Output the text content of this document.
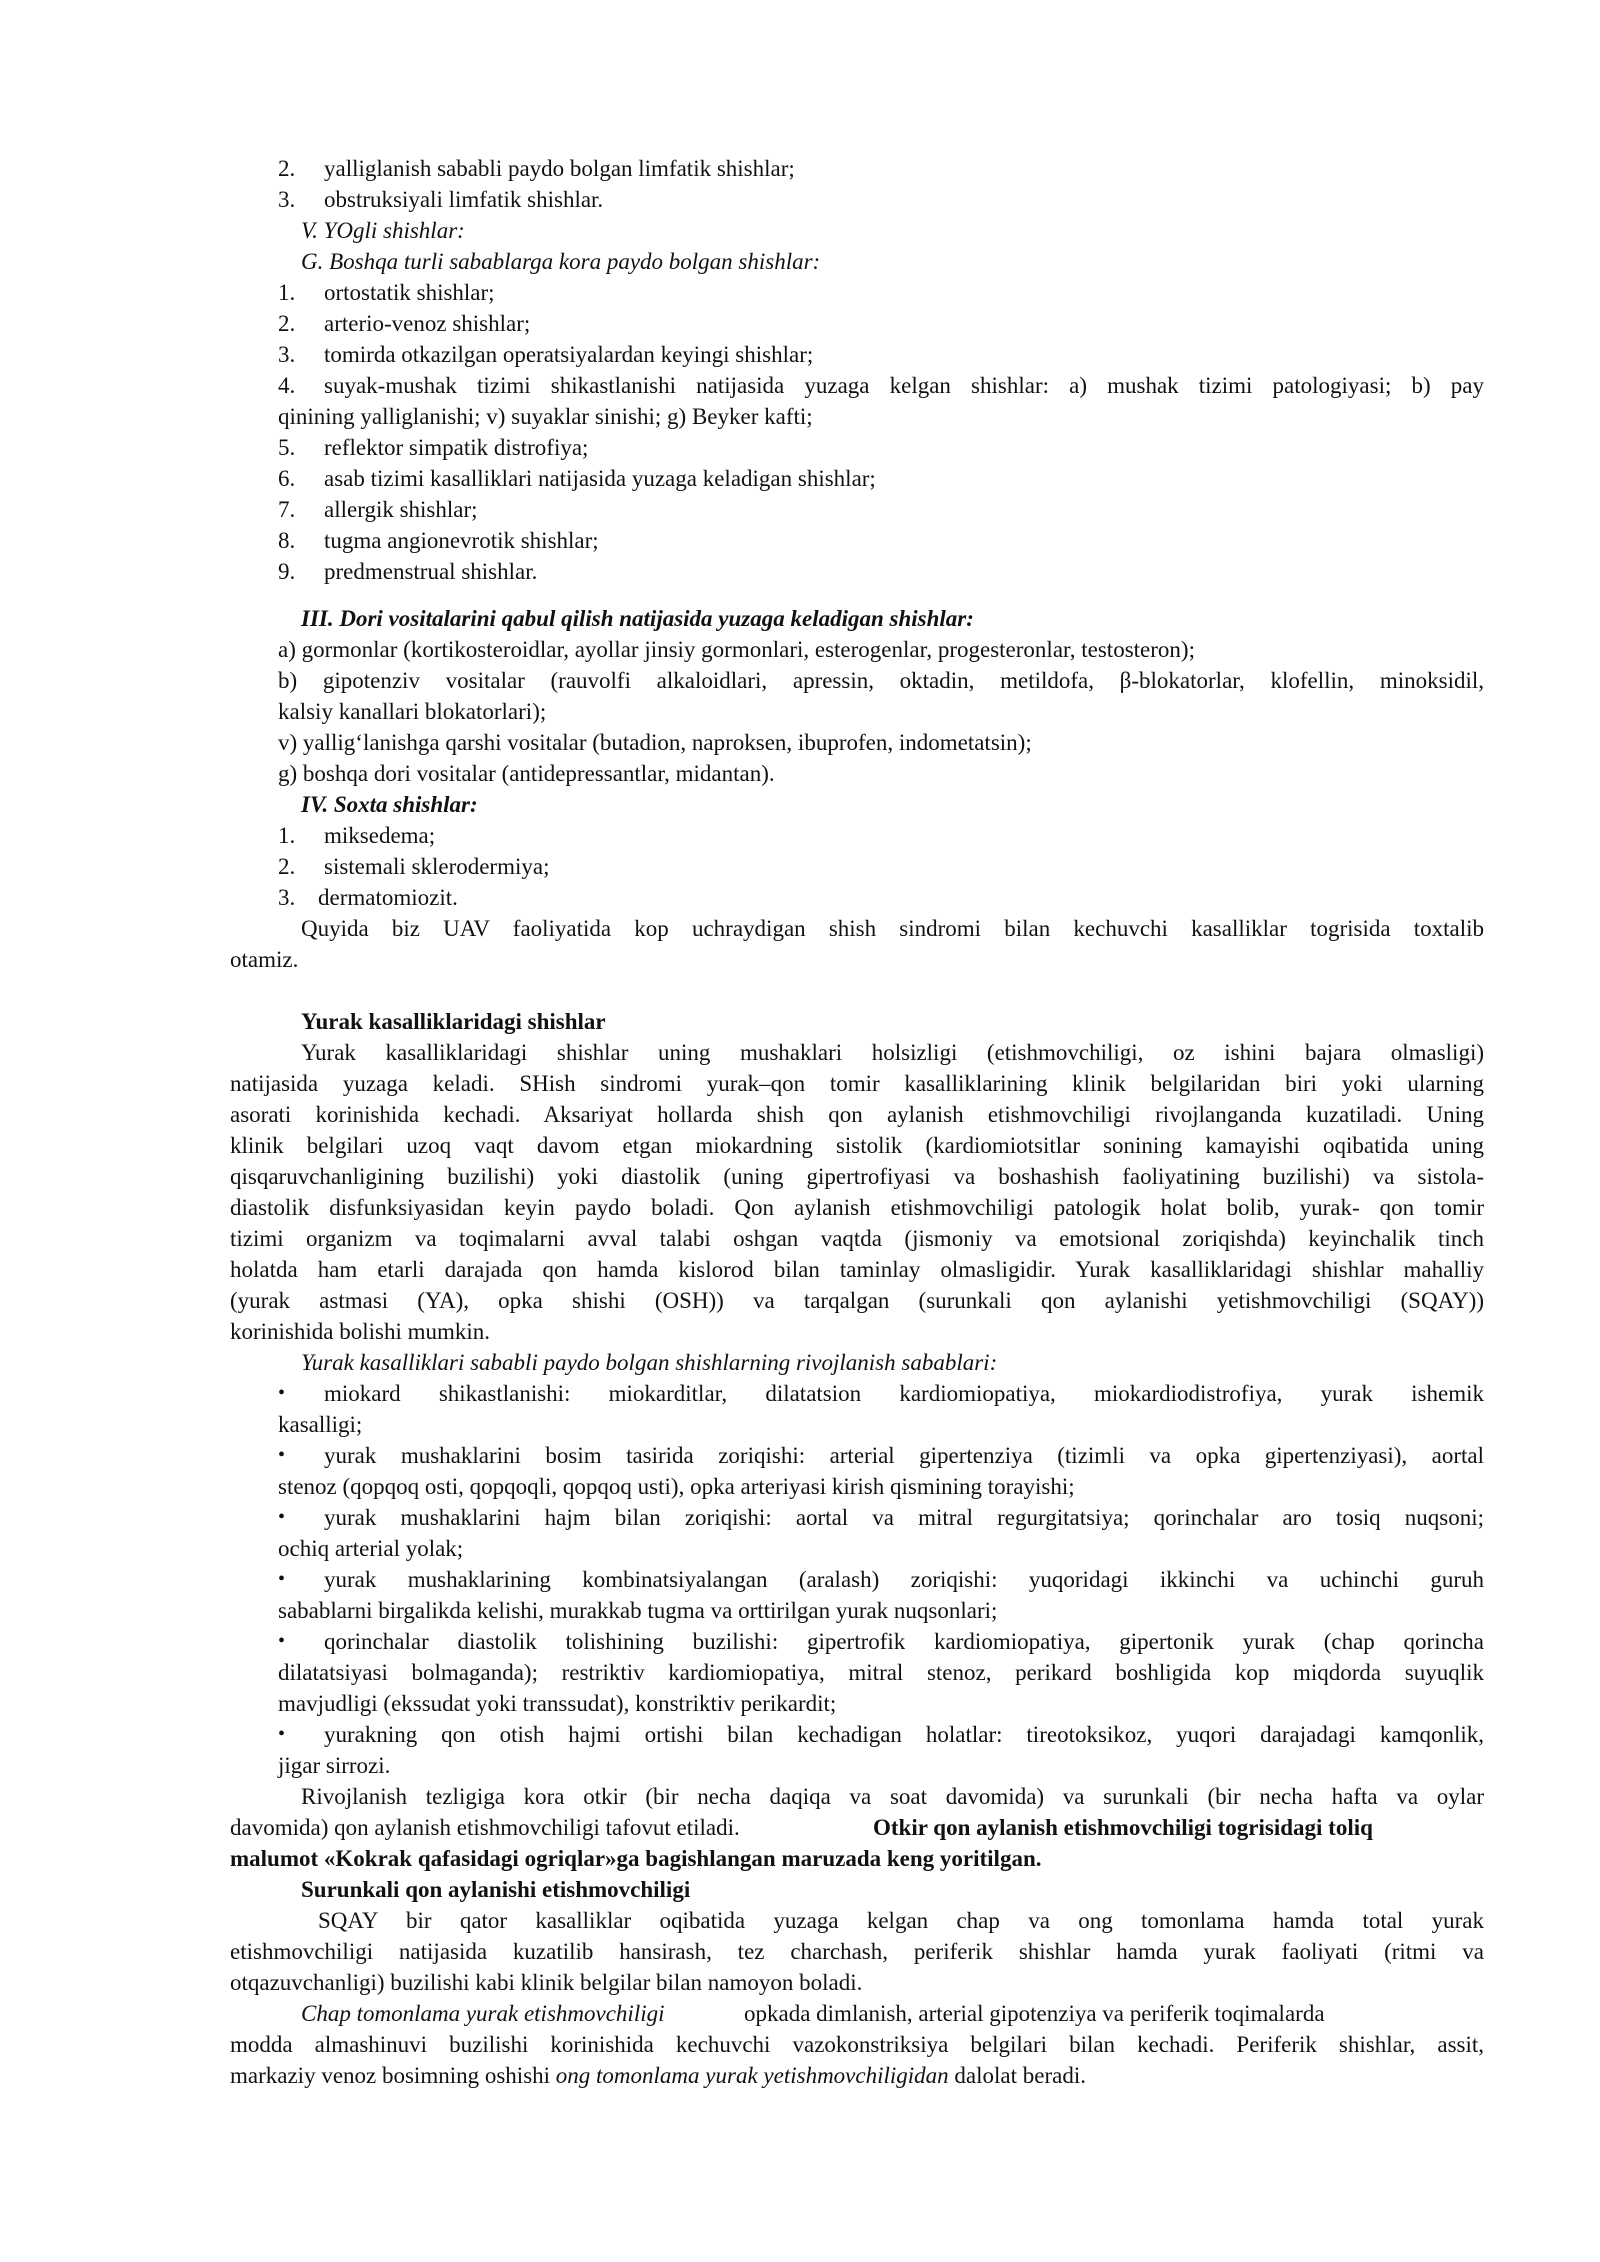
2. yalliglanish sababli paydo bolgan limfatik shishlar;
3. obstruksiyali limfatik shishlar.
V. YOgli shishlar:
G. Boshqa turli sabablarga kora paydo bolgan shishlar:
1. ortostatik shishlar;
2. arterio-venoz shishlar;
3. tomirda otkazilgan operatsiyalardan keyingi shishlar;
4. suyak-mushak tizimi shikastlanishi natijasida yuzaga kelgan shishlar: a) mushak tizimi patologiyasi; b) pay
qinining yalliglanishi; v) suyaklar sinishi; g) Beyker kafti;
5. reflektor simpatik distrofiya;
6. asab tizimi kasalliklari natijasida yuzaga keladigan shishlar;
7. allergik shishlar;
8. tugma angionevrotik shishlar;
9. predmenstrual shishlar.
III. Dori vositalarini qabul qilish natijasida yuzaga keladigan shishlar:
a) gormonlar (kortikosteroidlar, ayollar jinsiy gormonlari, esterogenlar, progesteronlar, testosteron);
b) gipotenziv vositalar (rauvolfi alkaloidlari, apressin, oktadin, metildofa, β-blokatorlar, klofellin, minoksidil,
kalsiy kanallari blokatorlari);
v) yallig‘lanishga qarshi vositalar (butadion, naproksen, ibuprofen, indometatsin);
g) boshqa dori vositalar (antidepressantlar, midantan).
IV. Soxta shishlar:
1. miksedema;
2. sistemali sklerodermiya;
3. dermatomiozit.
Quyida biz UAV faoliyatida kop uchraydigan shish sindromi bilan kechuvchi kasalliklar togrisida toxtalib
otamiz.
Yurak kasalliklaridagi shishlar
Yurak kasalliklaridagi shishlar uning mushaklari holsizligi (etishmovchiligi, oz ishini bajara olmasligi)
natijasida yuzaga keladi. SHish sindromi yurak–qon tomir kasalliklarining klinik belgilaridan biri yoki ularning
asorati korinishida kechadi. Aksariyat hollarda shish qon aylanish etishmovchiligi rivojlanganda kuzatiladi. Uning
klinik belgilari uzoq vaqt davom etgan miokardning sistolik (kardiomiotsitlar sonining kamayishi oqibatida uning
qisqaruvchanligining buzilishi) yoki diastolik (uning gipertrofiyasi va boshashish faoliyatining buzilishi) va sistola-
diastolik disfunksiyasidan keyin paydo boladi. Qon aylanish etishmovchiligi patologik holat bolib, yurak- qon tomir
tizimi organizm va toqimalarni avval talabi oshgan vaqtda (jismoniy va emotsional zoriqishda) keyinchalik tinch
holatda ham etarli darajada qon hamda kislorod bilan taminlay olmasligidir. Yurak kasalliklaridagi shishlar mahalliy
(yurak astmasi (YA), opka shishi (OSH)) va tarqalgan (surunkali qon aylanishi yetishmovchiligi (SQAY))
korinishida bolishi mumkin.
Yurak kasalliklari sababli paydo bolgan shishlarning rivojlanish sabablari:
• miokard shikastlanishi: miokarditlar, dilatatsion kardiomiopatiya, miokardiodistrofiya, yurak ishemik
kasalligi;
• yurak mushaklarini bosim tasirida zoriqishi: arterial gipertenziya (tizimli va opka gipertenziyasi), aortal
stenoz (qopqoq osti, qopqoqli, qopqoq usti), opka arteriyasi kirish qismining torayishi;
• yurak mushaklarini hajm bilan zoriqishi: aortal va mitral regurgitatsiya; qorinchalar aro tosiq nuqsoni;
ochiq arterial yolak;
• yurak mushaklarining kombinatsiyalangan (aralash) zoriqishi: yuqoridagi ikkinchi va uchinchi guruh
sabablarni birgalikda kelishi, murakkab tugma va orttirilgan yurak nuqsonlari;
• qorinchalar diastolik tolishining buzilishi: gipertrofik kardiomiopatiya, gipertonik yurak (chap qorincha
dilatatsiyasi bolmaganda); restriktiv kardiomiopatiya, mitral stenoz, perikard boshligida kop miqdorda suyuqlik
mavjudligi (ekssudat yoki transsudat), konstriktiv perikardit;
• yurakning qon otish hajmi ortishi bilan kechadigan holatlar: tireotoksikoz, yuqori darajadagi kamqonlik,
jigar sirrozi.
Rivojlanish tezligiga kora otkir (bir necha daqiqa va soat davomida) va surunkali (bir necha hafta va oylar
davomida) qon aylanish etishmovchiligi tafovut etiladi.	Otkir qon aylanish etishmovchiligi togrisidagi toliq
malumot «Kokrak qafasidagi ogriqlar»ga bagishlangan maruzada keng yoritilgan.
Surunkali qon aylanishi etishmovchiligi
SQAY bir qator kasalliklar oqibatida yuzaga kelgan chap va ong tomonlama hamda total yurak
etishmovchiligi natijasida kuzatilib hansirash, tez charchash, periferik shishlar hamda yurak faoliyati (ritmi va
otqazuvchanligi) buzilishi kabi klinik belgilar bilan namoyon boladi.
Chap tomonlama yurak etishmovchiligi	opkada dimlanish, arterial gipotenziya va periferik toqimalarda
modda almashinuvi buzilishi korinishida kechuvchi vazokonstriksiya belgilari bilan kechadi. Periferik shishlar, assit,
markaziy venoz bosimning oshishi ong tomonlama yurak yetishmovchiligidan dalolat beradi.
